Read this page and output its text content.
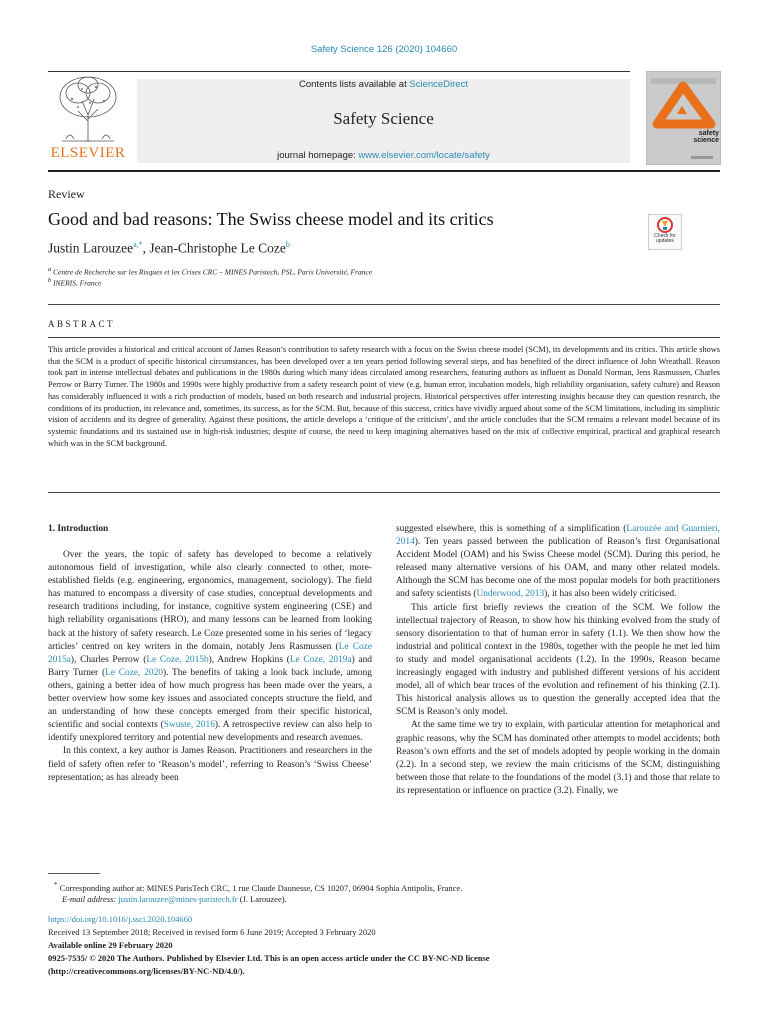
Safety Science 126 (2020) 104660
ELSEVIER
Contents lists available at ScienceDirect
Safety Science
journal homepage: www.elsevier.com/locate/safety
safety
science
Review
Good and bad reasons: The Swiss cheese model and its critics
Check for updates
Justin Larouzee$^{a,*}$, Jean-Christophe Le Coze$^b$
$^a$ Centre de Recherche sur les Risques et les Crises CRC – MINES Paristech, PSL, Paris Université, France
$^b$ INERIS, France
ABSTRACT
This article provides a historical and critical account of James Reason’s contribution to safety research with a focus on the Swiss cheese model (SCM), its developments and its critics. This article shows that the SCM is a product of specific historical circumstances, has been developed over a ten years period following several steps, and has benefited of the direct influence of John Wreathall. Reason took part in intense intellectual debates and publications in the 1980s during which many ideas circulated among researchers, featuring authors as influent as Donald Norman, Jens Rasmussen, Charles Perrow or Barry Turner. The 1980s and 1990s were highly productive from a safety research point of view (e.g. human error, incubation models, high reliability organisation, safety culture) and Reason has considerably influenced it with a rich production of models, based on both research and industrial projects. Historical perspectives offer interesting insights because they can question research, the conditions of its production, its relevance and, sometimes, its success, as for the SCM. But, because of this success, critics have vividly argued about some of the SCM limitations, including its simplistic vision of accidents and its degree of generality. Against these positions, the article develops a ‘critique of the criticism’, and the article concludes that the SCM remains a relevant model because of its systemic foundations and its sustained use in high-risk industries; despite of course, the need to keep imagining alternatives based on the mix of collective empirical, practical and graphical research which was in the SCM background.
1. Introduction

Over the years, the topic of safety has developed to become a relatively autonomous field of investigation, while also clearly connected to other, more-established fields (e.g. engineering, ergonomics, management, sociology). The field has matured to encompass a diversity of case studies, conceptual developments and research traditions including, for instance, cognitive system engineering (CSE) and high reliability organisations (HRO), and many lessons can be learned from looking back at the history of safety research. Le Coze presented some in his series of ‘legacy articles’ centred on key writers in the domain, notably Jens Rasmussen (Le Coze 2015a), Charles Perrow (Le Coze, 2015b), Andrew Hopkins (Le Coze, 2019a) and Barry Turner (Le Coze, 2020). The benefits of taking a look back include, among others, gaining a better idea of how much progress has been made over the years, a better overview how some key issues and associated concepts structure the field, and an understanding of how these concepts emerged from their specific historical, scientific and social contexts (Swuste, 2016). A retrospective review can also help to identify unexplored territory and potential new developments and research avenues.

In this context, a key author is James Reason. Practitioners and researchers in the field of safety often refer to ‘Reason’s model’, referring to Reason’s ‘Swiss Cheese’ representation; as has already been

suggested elsewhere, this is something of a simplification (Larouzée and Guarnieri, 2014). Ten years passed between the publication of Reason’s first Organisational Accident Model (OAM) and his Swiss Cheese model (SCM). During this period, he released many alternative versions of his OAM, and many other related models. Although the SCM has become one of the most popular models for both practitioners and safety scientists (Underwood, 2013), it has also been widely criticised.

This article first briefly reviews the creation of the SCM. We follow the intellectual trajectory of Reason, to show how his thinking evolved from the study of sensory disorientation to that of human error in safety (1.1). We then show how the industrial and political context in the 1980s, together with the people he met led him to study and model organisational accidents (1.2). In the 1990s, Reason became increasingly engaged with industry and published different versions of his accident model, all of which bear traces of the evolution and refinement of his thinking (2.1). This historical analysis allows us to question the generally accepted idea that the SCM is Reason’s only model.

At the same time we try to explain, with particular attention for metaphorical and graphic reasons, why the SCM has dominated other attempts to model accidents; both Reason’s own efforts and the set of models adopted by people working in the domain (2.2). In a second step, we review the main criticisms of the SCM, distinguishing between those that relate to the foundations of the model (3.1) and those that relate to its representation or influence on practice (3.2). Finally, we

* Corresponding author at: MINES ParisTech CRC, 1 rue Claude Daunesse, CS 10207, 06904 Sophia Antipolis, France.
E-mail address: justin.larouzee@mines-paristech.fr (J. Larouzee).
https://doi.org/10.1016/j.ssci.2020.104660
Received 13 September 2018; Received in revised form 6 June 2019; Accepted 3 February 2020
Available online 29 February 2020
0925-7535/ © 2020 The Authors. Published by Elsevier Ltd. This is an open access article under the CC BY-NC-ND license
(http://creativecommons.org/licenses/BY-NC-ND/4.0/).
